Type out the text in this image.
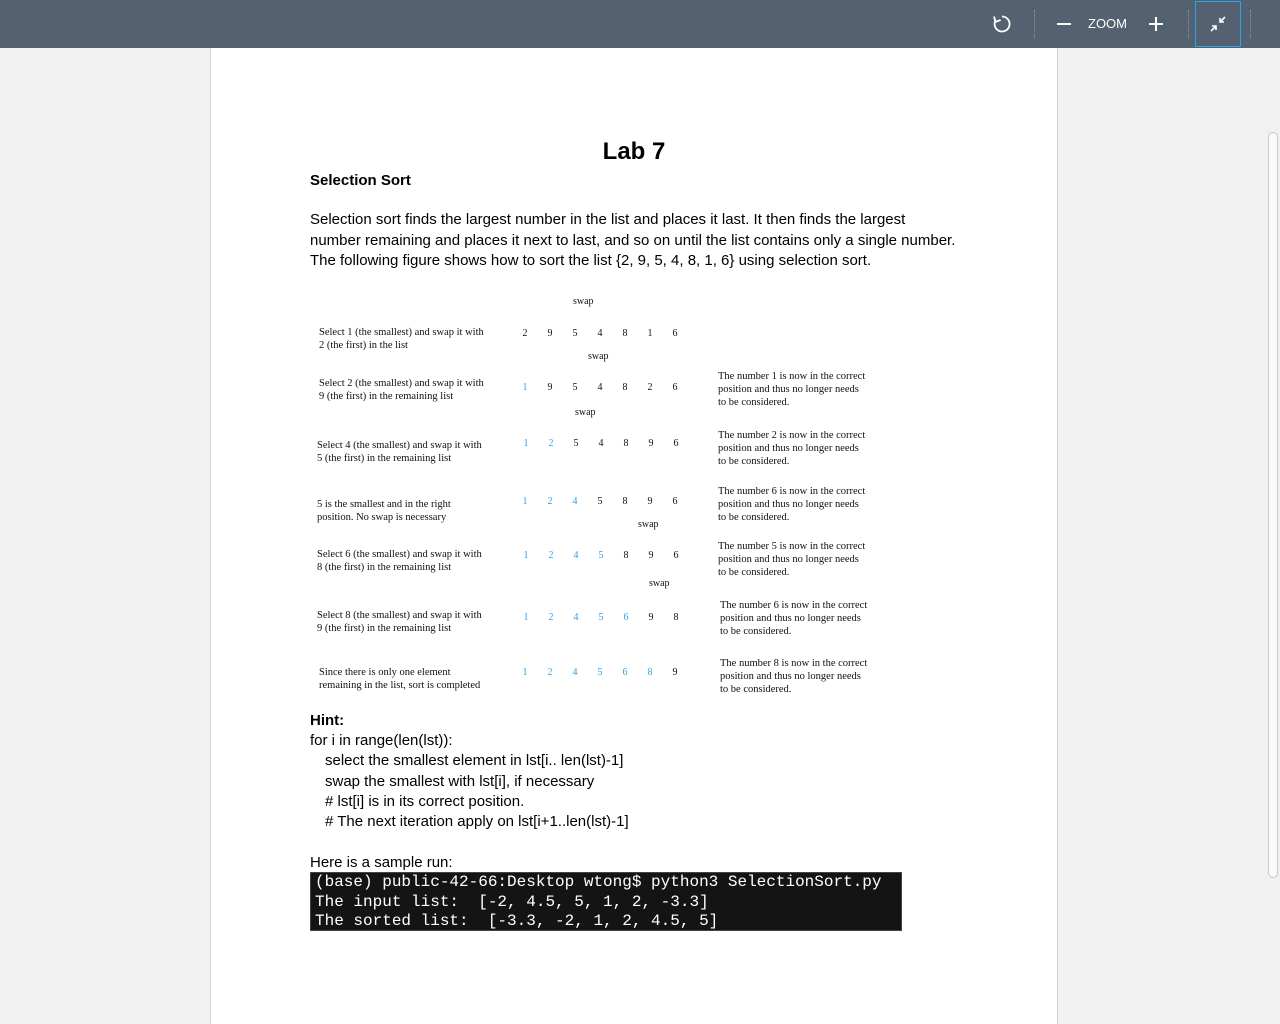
ZOOM
Lab 7
Selection Sort
Selection sort finds the largest number in the list and places it last. It then finds the largest number remaining and places it next to last, and so on until the list contains only a single number. The following figure shows how to sort the list {2, 9, 5, 4, 8, 1, 6} using selection sort.
swap
swap
swap
swap
swap
Select 1 (the smallest) and swap it with 2 (the first) in the list
2 9 5 4 8 1 6
Select 2 (the smallest) and swap it with 9 (the first) in the remaining list
1 9 5 4 8 2 6
The number 1 is now in the correct position and thus no longer needs to be considered.
Select 4 (the smallest) and swap it with 5 (the first) in the remaining list
1 2 5 4 8 9 6
The number 2 is now in the correct position and thus no longer needs to be considered.
5 is the smallest and in the right position. No swap is necessary
1 2 4 5 8 9 6
The number 6 is now in the correct position and thus no longer needs to be considered.
Select 6 (the smallest) and swap it with 8 (the first) in the remaining list
1 2 4 5 8 9 6
The number 5 is now in the correct position and thus no longer needs to be considered.
Select 8 (the smallest) and swap it with 9 (the first) in the remaining list
1 2 4 5 6 9 8
The number 6 is now in the correct position and thus no longer needs to be considered.
Since there is only one element remaining in the list, sort is completed
1 2 4 5 6 8 9
The number 8 is now in the correct position and thus no longer needs to be considered.
Hint:
for i in range(len(lst)):
select the smallest element in lst[i.. len(lst)-1]
swap the smallest with lst[i], if necessary
# lst[i] is in its correct position.
# The next iteration apply on lst[i+1..len(lst)-1]
Here is a sample run:
(base) public-42-66:Desktop wtong$ python3 SelectionSort.py
The input list:  [-2, 4.5, 5, 1, 2, -3.3]
The sorted list:  [-3.3, -2, 1, 2, 4.5, 5]
